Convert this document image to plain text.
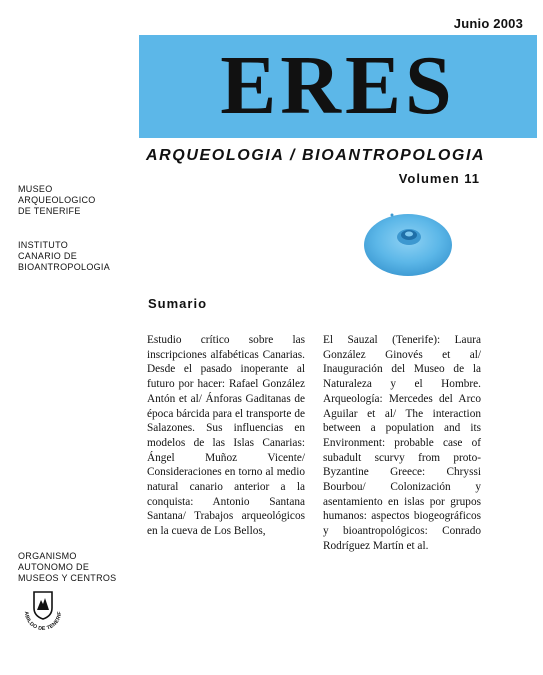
Junio 2003
ERES
ARQUEOLOGIA / BIOANTROPOLOGIA
Volumen 11
MUSEO
ARQUEOLOGICO
DE TENERIFE
INSTITUTO
CANARIO DE
BIOANTROPOLOGIA
Sumario
Estudio crítico sobre las inscripciones alfabéticas Canarias. Desde el pasado inoperante al futuro por hacer: Rafael González Antón et al/ Ánforas Gaditanas de época bárcida para el transporte de Salazones. Sus influencias en modelos de las Islas Canarias: Ángel Muñoz Vicente/ Consideraciones en torno al medio natural canario anterior a la conquista: Antonio Santana Santana/ Trabajos arqueológicos en la cueva de Los Bellos,
El Sauzal (Tenerife): Laura González Ginovés et al/ Inauguración del Museo de la Naturaleza y el Hombre. Arqueología: Mercedes del Arco Aguilar et al/ The interaction between a population and its Environment: probable case of subadult scurvy from proto-Byzantine Greece: Chryssi Bourbou/ Colonización y asentamiento en islas por grupos humanos: aspectos biogeográficos y bioantropológicos: Conrado Rodríguez Martín et al.
ORGANISMO
AUTONOMO DE
MUSEOS Y CENTROS
ABILDO DE TENERIF
